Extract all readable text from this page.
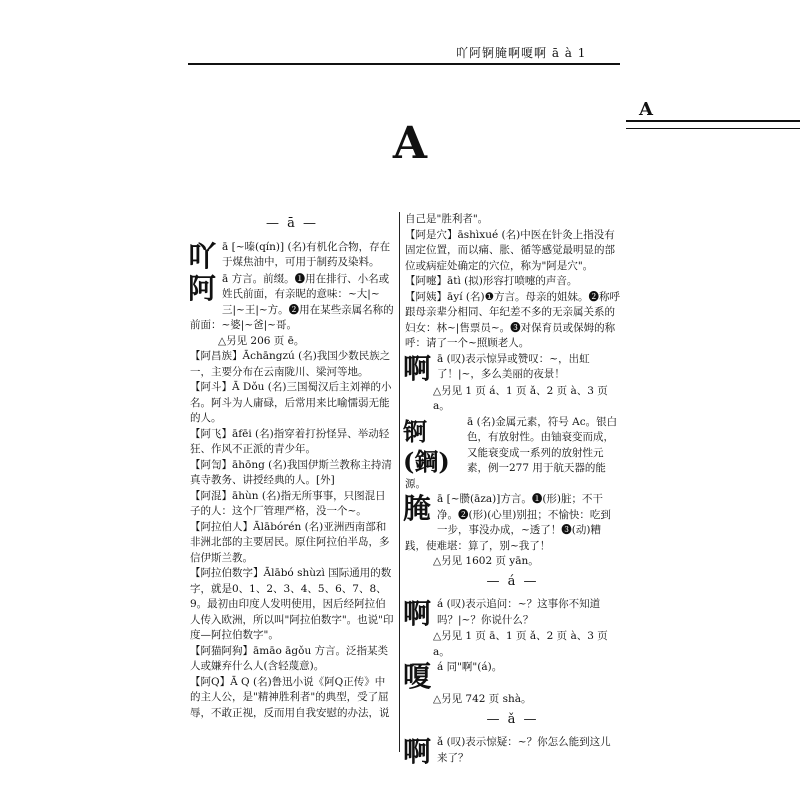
吖阿锕腌啊嗄啊 ā à 1
A
A
— ā —
吖 ā [~嗪(qín)] (名)有机化合物，存在于煤焦油中，可用于制药及染料。

阿 ā 方言。前缀。❶用在排行、小名或姓氏前面，有亲昵的意味：~大|~三|~王|~方。❷用在某些亲属名称的前面：~婆|~爸|~哥。

△另见 206 页 ē。

【阿昌族】Āchāngzú (名)我国少数民族之一，主要分布在云南陇川、梁河等地。

【阿斗】Ā Dǒu (名)三国蜀汉后主刘禅的小名。阿斗为人庸碌，后常用来比喻懦弱无能的人。

【阿飞】āfēi (名)指穿着打扮怪异、举动轻狂、作风不正派的青少年。

【阿訇】āhōng (名)我国伊斯兰教称主持清真寺教务、讲授经典的人。[外]

【阿混】āhùn (名)指无所事事，只图混日子的人：这个厂管理严格，没一个~。

【阿拉伯人】Ālābórén (名)亚洲西南部和非洲北部的主要居民。原住阿拉伯半岛，多信伊斯兰教。

【阿拉伯数字】Ālābó shùzì 国际通用的数字，就是0、1、2、3、4、5、6、7、8、9。最初由印度人发明使用，因后经阿拉伯人传入欧洲，所以叫"阿拉伯数字"。也说"印度—阿拉伯数字"。

【阿猫阿狗】āmāo āgǒu 方言。泛指某类人或嫌弃什么人(含轻蔑意)。

【阿Q】Ā Q (名)鲁迅小说《阿Q正传》中的主人公，是"精神胜利者"的典型，受了屈辱，不敢正视，反而用自我安慰的办法，说

自己是"胜利者"。

【阿是穴】āshìxué (名)中医在针灸上指没有固定位置，而以痛、胀、循等感觉最明显的部位或病症处确定的穴位，称为"阿是穴"。

【阿嚏】ātì (拟)形容打喷嚏的声音。

【阿姨】āyí (名)❶方言。母亲的姐妹。❷称呼跟母亲辈分相同、年纪差不多的无亲属关系的妇女：林~|售票员~。❸对保育员或保姆的称呼：请了一个~照顾老人。

啊 ā (叹)表示惊异或赞叹：~，出虹了！|~，多么美丽的夜景！

△另见 1 页 á、1 页 ǎ、2 页 à、3 页 a。

锕(鋼)

ā (名)金属元素，符号 Ac。银白色，有放射性。由铀衰变而成，又能衰变成一系列的放射性元素，例一277 用于航天器的能源。

腌 ā [~臜(āza)]方言。❶(形)脏；不干净。❷(形)(心里)别扭；不愉快：吃到一步，事没办成，~透了！❸(动)糟践，使难堪：算了，别~我了！

△另见 1602 页 yān。

— á —
啊 á (叹)表示追问：~？这事你不知道吗？|~？你说什么？

△另见 1 页 ā、1 页 ǎ、2 页 à、3 页 a。

嗄 á 同"啊"(á)。

△另见 742 页 shà。

— ǎ —
啊 ǎ (叹)表示惊疑：~？你怎么能到这儿来了？
